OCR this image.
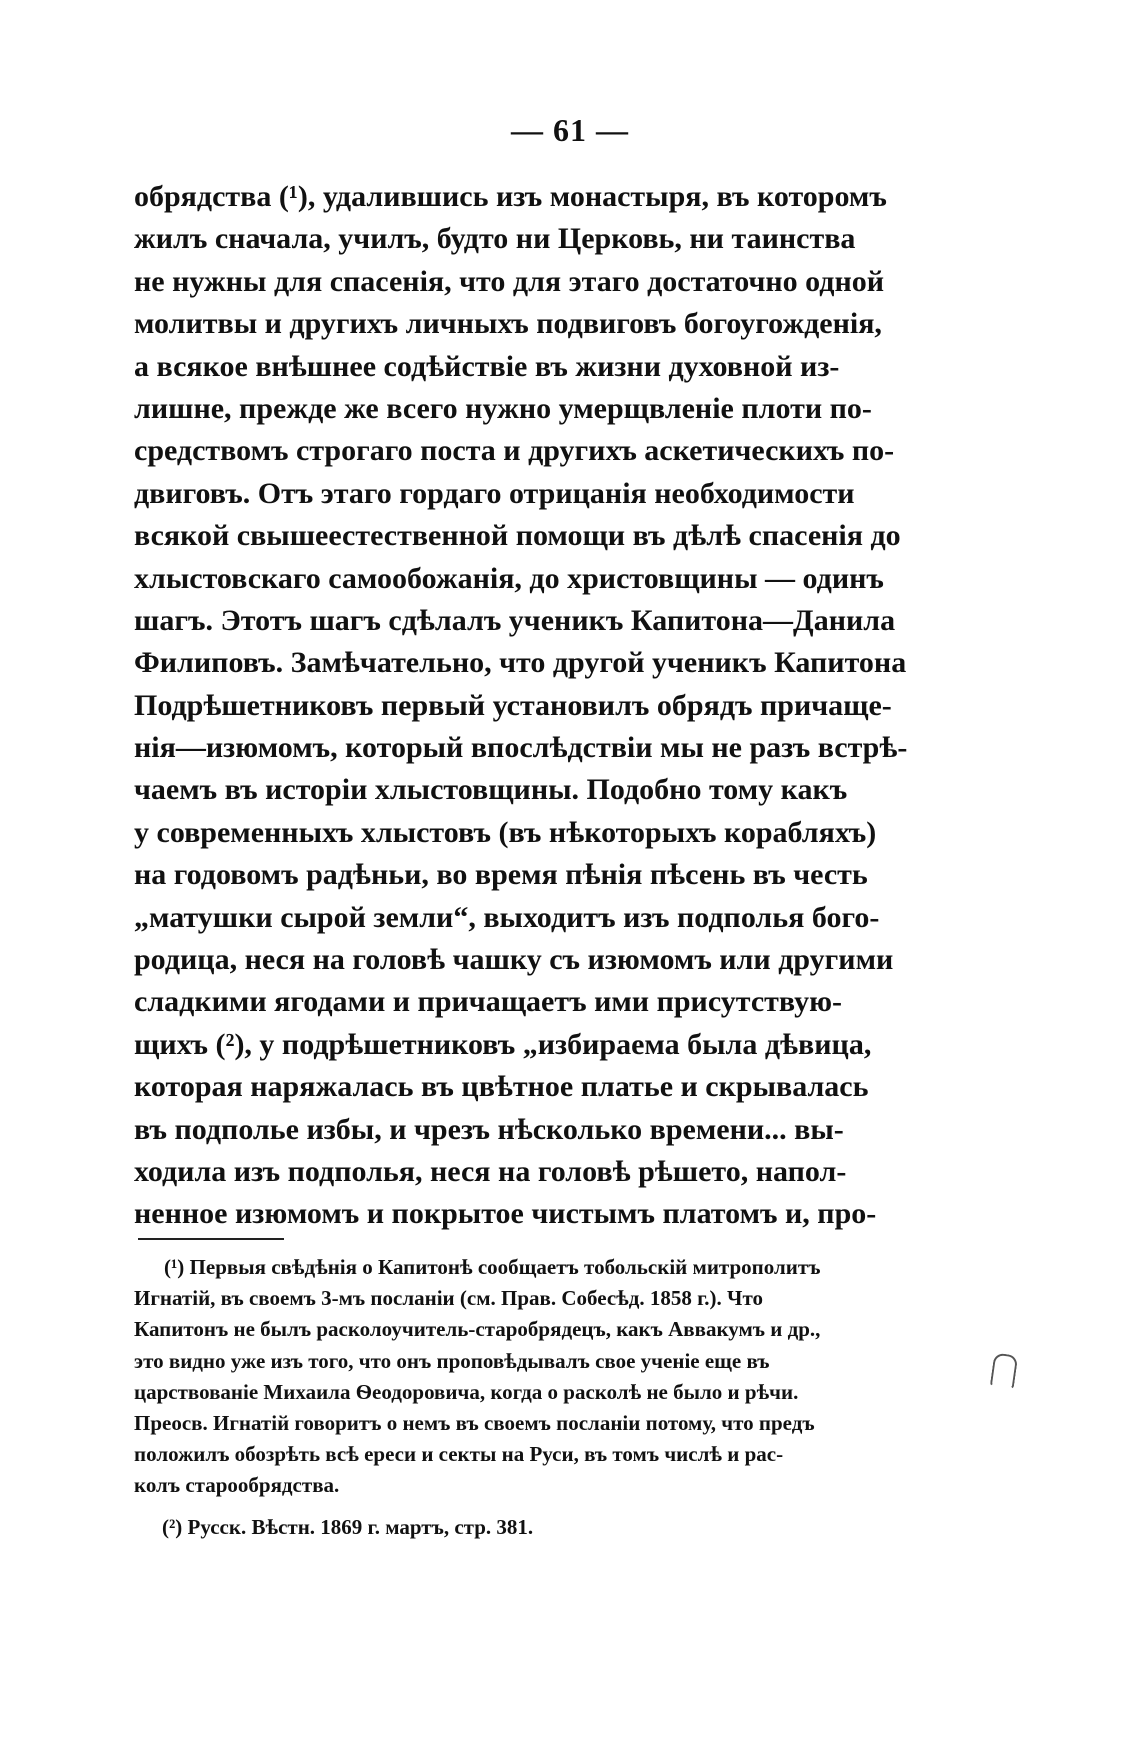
— 61 —
обрядства (¹), удалившись изъ монастыря, въ которомъ
жилъ сначала, училъ, будто ни Церковь, ни таинства
не нужны для спасенія, что для этаго достаточно одной
молитвы и другихъ личныхъ подвиговъ богоугожденія,
а всякое внѣшнее содѣйствіе въ жизни духовной из-
лишне, прежде же всего нужно умерщвленіе плоти по-
средствомъ строгаго поста и другихъ аскетическихъ по-
двиговъ. Отъ этаго гордаго отрицанія необходимости
всякой свышеестественной помощи въ дѣлѣ спасенія до
хлыстовскаго самообожанія, до христовщины — одинъ
шагъ. Этотъ шагъ сдѣлалъ ученикъ Капитона—Данила
Филиповъ. Замѣчательно, что другой ученикъ Капитона
Подрѣшетниковъ первый установилъ обрядъ причаще-
нія—изюмомъ, который впослѣдствіи мы не разъ встрѣ-
чаемъ въ исторіи хлыстовщины. Подобно тому какъ
у современныхъ хлыстовъ (въ нѣкоторыхъ корабляхъ)
на годовомъ радѣньи, во время пѣнія пѣсень въ честь
„матушки сырой земли“, выходитъ изъ подполья бого-
родица, неся на головѣ чашку съ изюмомъ или другими
сладкими ягодами и причащаетъ ими присутствую-
щихъ (²), у подрѣшетниковъ „избираема была дѣвица,
которая наряжалась въ цвѣтное платье и скрывалась
въ подполье избы, и чрезъ нѣсколько времени... вы-
ходила изъ подполья, неся на головѣ рѣшето, напол-
ненное изюмомъ и покрытое чистымъ платомъ и, про-
(¹) Первыя свѣдѣнія о Капитонѣ сообщаетъ тобольскій митрополитъ
Игнатій, въ своемъ 3-мъ посланіи (см. Прав. Собесѣд. 1858 г.). Что
Капитонъ не былъ расколоучитель-старобрядецъ, какъ Аввакумъ и др.,
это видно уже изъ того, что онъ проповѣдывалъ свое ученіе еще въ
царствованіе Михаила Ѳеодоровича, когда о расколѣ не было и рѣчи.
Преосв. Игнатій говоритъ о немъ въ своемъ посланіи потому, что предъ
положилъ обозрѣть всѣ ереси и секты на Руси, въ томъ числѣ и рас-
колъ старообрядства.
(²) Русск. Вѣстн. 1869 г. мартъ, стр. 381.
